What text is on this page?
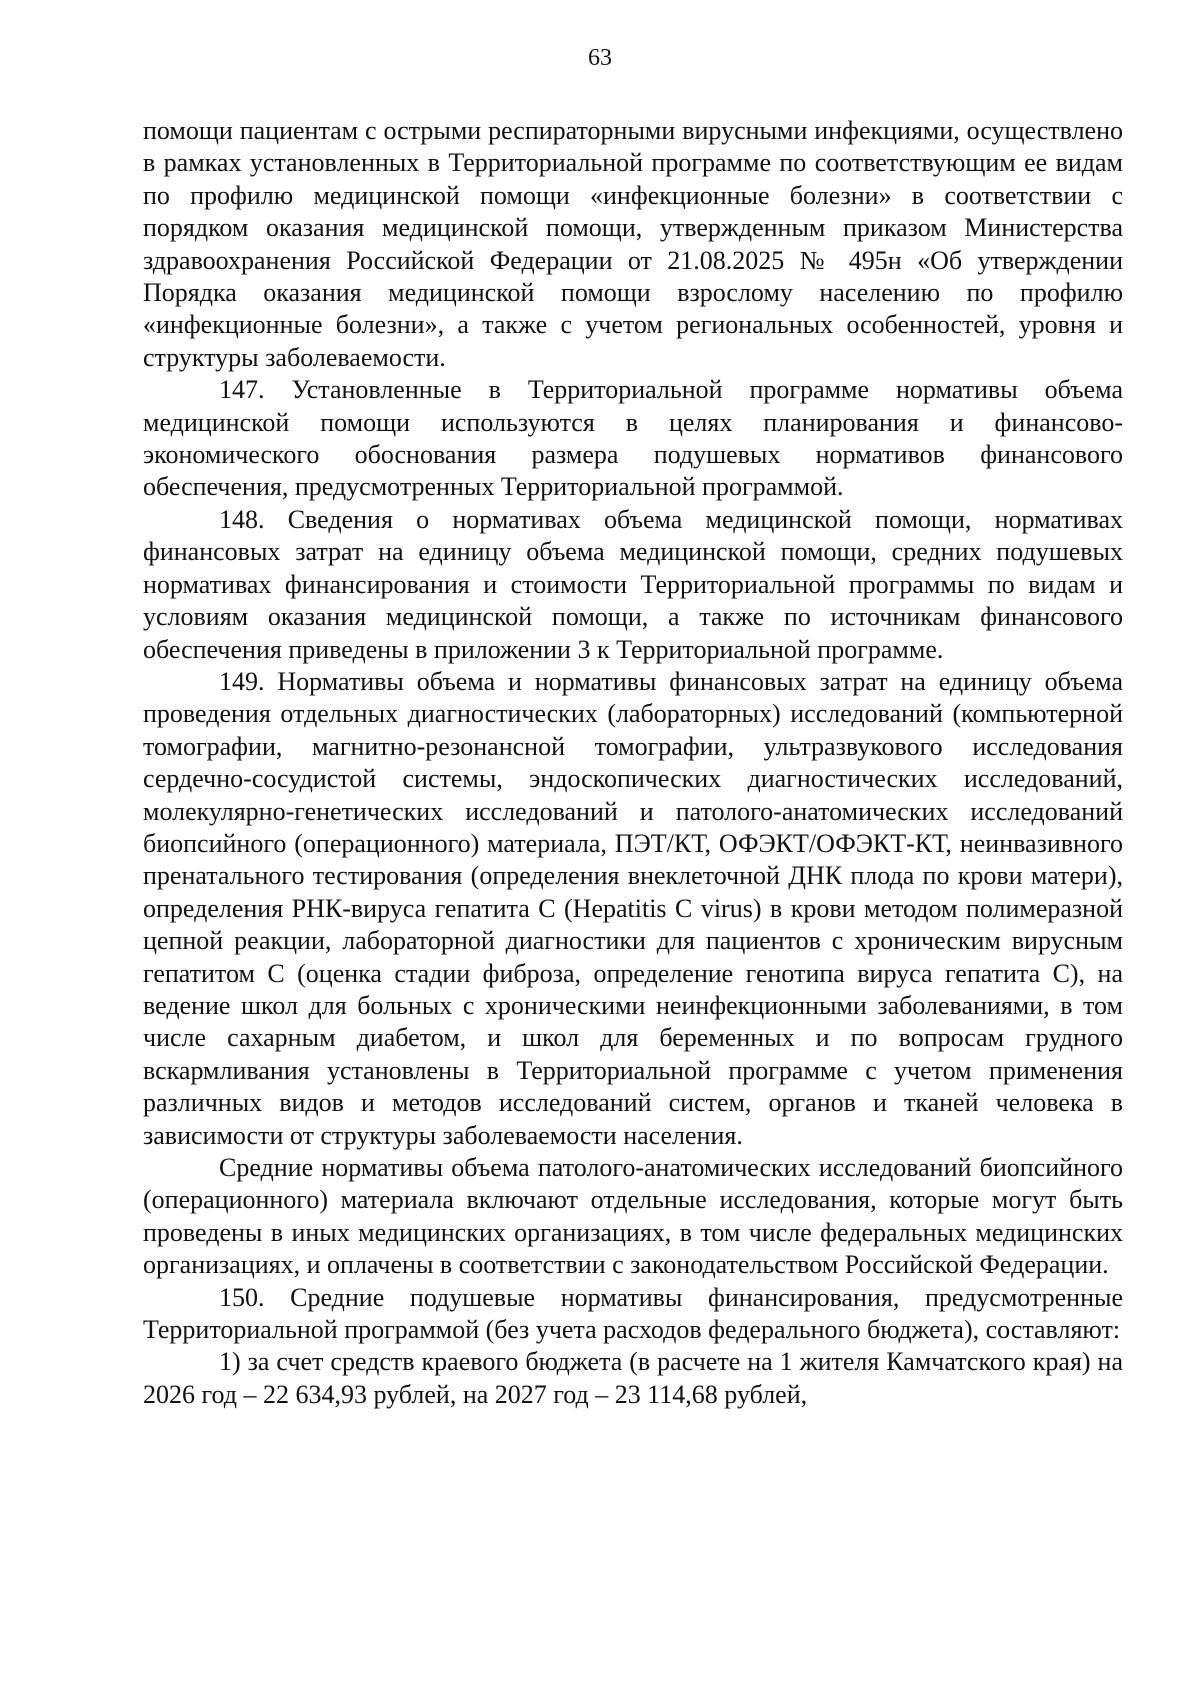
63

помощи пациентам с острыми респираторными вирусными инфекциями, осуществлено в рамках установленных в Территориальной программе по соответствующим ее видам по профилю медицинской помощи «инфекционные болезни» в соответствии с порядком оказания медицинской помощи, утвержденным приказом Министерства здравоохранения Российской Федерации от 21.08.2025 № 495н «Об утверждении Порядка оказания медицинской помощи взрослому населению по профилю «инфекционные болезни», а также с учетом региональных особенностей, уровня и структуры заболеваемости.

147. Установленные в Территориальной программе нормативы объема медицинской помощи используются в целях планирования и финансово-экономического обоснования размера подушевых нормативов финансового обеспечения, предусмотренных Территориальной программой.

148. Сведения о нормативах объема медицинской помощи, нормативах финансовых затрат на единицу объема медицинской помощи, средних подушевых нормативах финансирования и стоимости Территориальной программы по видам и условиям оказания медицинской помощи, а также по источникам финансового обеспечения приведены в приложении 3 к Территориальной программе.

149. Нормативы объема и нормативы финансовых затрат на единицу объема проведения отдельных диагностических (лабораторных) исследований (компьютерной томографии, магнитно-резонансной томографии, ультразвукового исследования сердечно-сосудистой системы, эндоскопических диагностических исследований, молекулярно-генетических исследований и патолого-анатомических исследований биопсийного (операционного) материала, ПЭТ/КТ, ОФЭКТ/ОФЭКТ-КТ, неинвазивного пренатального тестирования (определения внеклеточной ДНК плода по крови матери), определения РНК-вируса гепатита С (Hepatitis C virus) в крови методом полимеразной цепной реакции, лабораторной диагностики для пациентов с хроническим вирусным гепатитом С (оценка стадии фиброза, определение генотипа вируса гепатита С), на ведение школ для больных с хроническими неинфекционными заболеваниями, в том числе сахарным диабетом, и школ для беременных и по вопросам грудного вскармливания установлены в Территориальной программе с учетом применения различных видов и методов исследований систем, органов и тканей человека в зависимости от структуры заболеваемости населения.

Средние нормативы объема патолого-анатомических исследований биопсийного (операционного) материала включают отдельные исследования, которые могут быть проведены в иных медицинских организациях, в том числе федеральных медицинских организациях, и оплачены в соответствии с законодательством Российской Федерации.

150. Средние подушевые нормативы финансирования, предусмотренные Территориальной программой (без учета расходов федерального бюджета), составляют:

1) за счет средств краевого бюджета (в расчете на 1 жителя Камчатского края) на 2026 год – 22 634,93 рублей, на 2027 год – 23 114,68 рублей,
